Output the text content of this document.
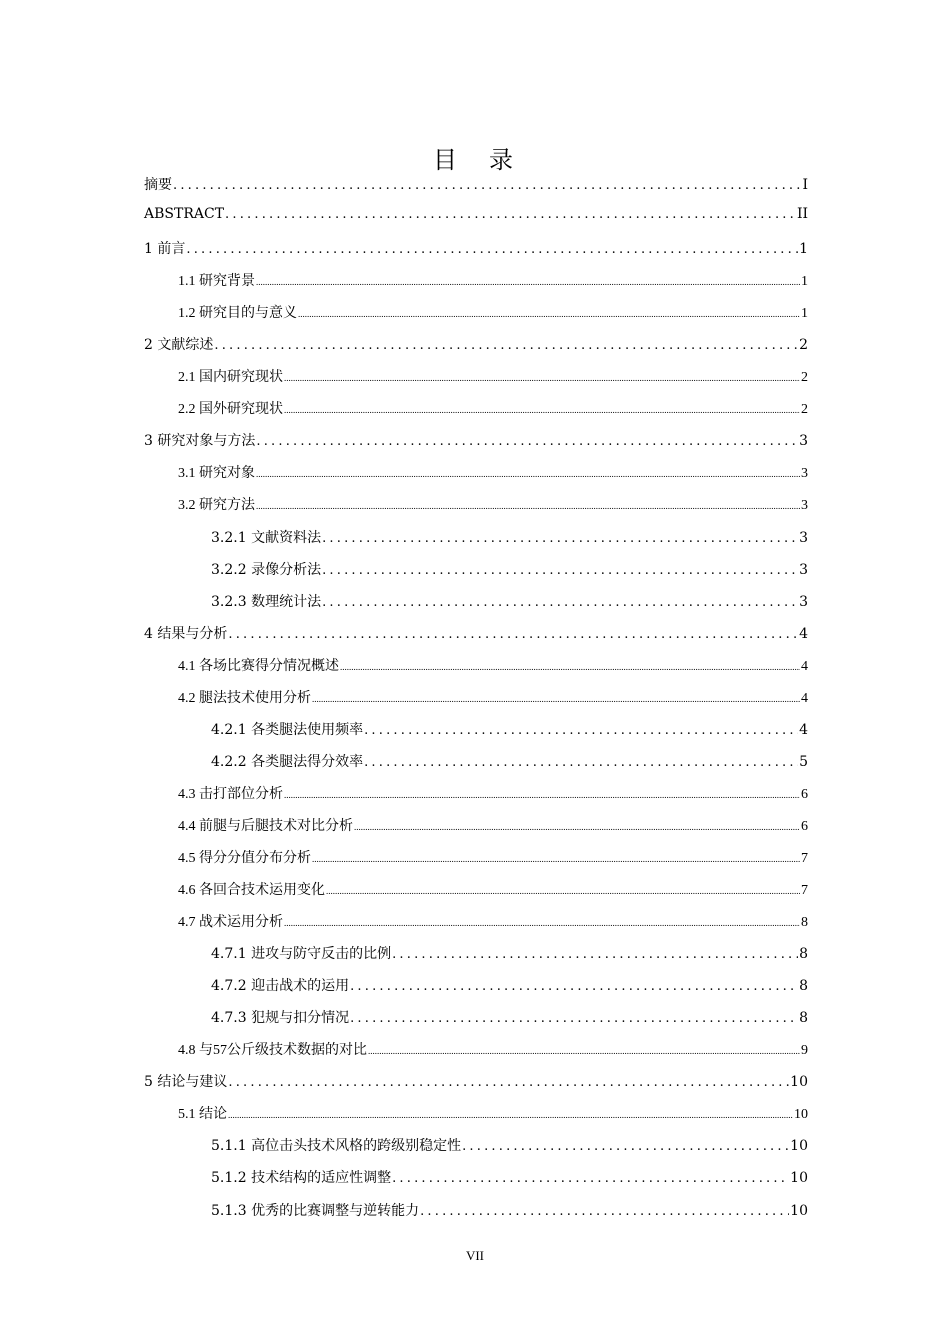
目　录
摘要 .....	I
ABSTRACT .....	II
1 前言 .....	1
1.1 研究背景 .....	1
1.2 研究目的与意义 .....	1
2 文献综述 .....	2
2.1 国内研究现状 .....	2
2.2 国外研究现状 .....	2
3 研究对象与方法 .....	3
3.1 研究对象 .....	3
3.2 研究方法 .....	3
3.2.1 文献资料法 .....	3
3.2.2 录像分析法 .....	3
3.2.3 数理统计法 .....	3
4 结果与分析 .....	4
4.1 各场比赛得分情况概述 .....	4
4.2 腿法技术使用分析 .....	4
4.2.1 各类腿法使用频率 .....	4
4.2.2 各类腿法得分效率 .....	5
4.3 击打部位分析 .....	6
4.4 前腿与后腿技术对比分析 .....	6
4.5 得分分值分布分析 .....	7
4.6 各回合技术运用变化 .....	7
4.7 战术运用分析 .....	8
4.7.1 进攻与防守反击的比例 .....	8
4.7.2 迎击战术的运用 .....	8
4.7.3 犯规与扣分情况 .....	8
4.8 与57公斤级技术数据的对比 .....	9
5 结论与建议 .....	10
5.1 结论 .....	10
5.1.1 高位击头技术风格的跨级别稳定性 .....	10
5.1.2 技术结构的适应性调整 .....	10
5.1.3 优秀的比赛调整与逆转能力 .....	10
VII
